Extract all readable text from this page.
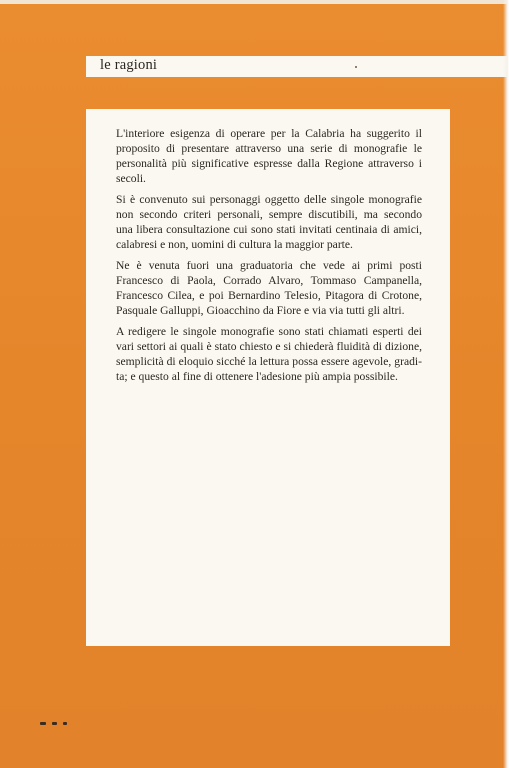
le ragioni

L'interiore esigenza di operare per la Calabria ha suggerito il
proposito di presentare attraverso una serie di monografie le
personalità più significative espresse dalla Regione attraverso i
secoli.

Si è convenuto sui personaggi oggetto delle singole monografie
non secondo criteri personali, sempre discutibili, ma secondo
una libera consultazione cui sono stati invitati centinaia di amici,
calabresi e non, uomini di cultura la maggior parte.

Ne è venuta fuori una graduatoria che vede ai primi posti
Francesco di Paola, Corrado Alvaro, Tommaso Campanella,
Francesco Cilea, e poi Bernardino Telesio, Pitagora di Crotone,
Pasquale Galluppi, Gioacchino da Fiore e via via tutti gli altri.

A redigere le singole monografie sono stati chiamati esperti dei
vari settori ai quali è stato chiesto e si chiederà fluidità di dizione,
semplicità di eloquio sicché la lettura possa essere agevole, gradi-
ta; e questo al fine di ottenere l'adesione più ampia possibile.
